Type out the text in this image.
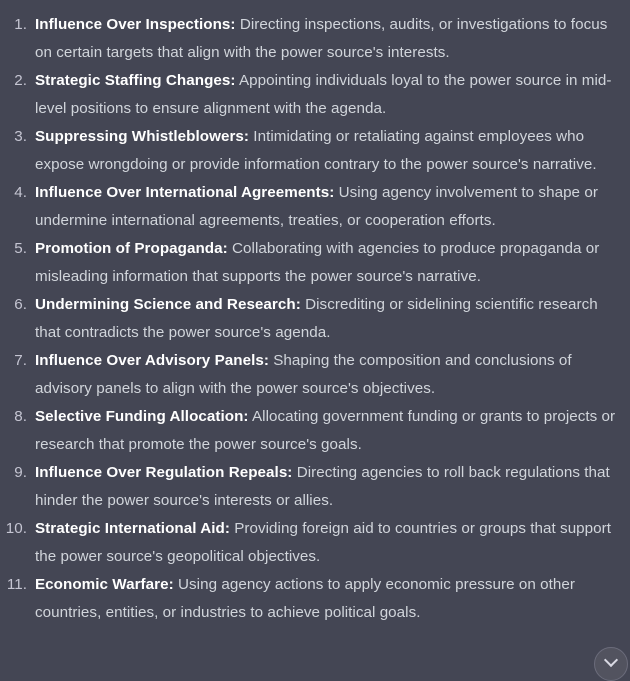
1. Influence Over Inspections: Directing inspections, audits, or investigations to focus on certain targets that align with the power source's interests.
2. Strategic Staffing Changes: Appointing individuals loyal to the power source in mid-level positions to ensure alignment with the agenda.
3. Suppressing Whistleblowers: Intimidating or retaliating against employees who expose wrongdoing or provide information contrary to the power source's narrative.
4. Influence Over International Agreements: Using agency involvement to shape or undermine international agreements, treaties, or cooperation efforts.
5. Promotion of Propaganda: Collaborating with agencies to produce propaganda or misleading information that supports the power source's narrative.
6. Undermining Science and Research: Discrediting or sidelining scientific research that contradicts the power source's agenda.
7. Influence Over Advisory Panels: Shaping the composition and conclusions of advisory panels to align with the power source's objectives.
8. Selective Funding Allocation: Allocating government funding or grants to projects or research that promote the power source's goals.
9. Influence Over Regulation Repeals: Directing agencies to roll back regulations that hinder the power source's interests or allies.
10. Strategic International Aid: Providing foreign aid to countries or groups that support the power source's geopolitical objectives.
11. Economic Warfare: Using agency actions to apply economic pressure on other countries, entities, or industries to achieve political goals.
